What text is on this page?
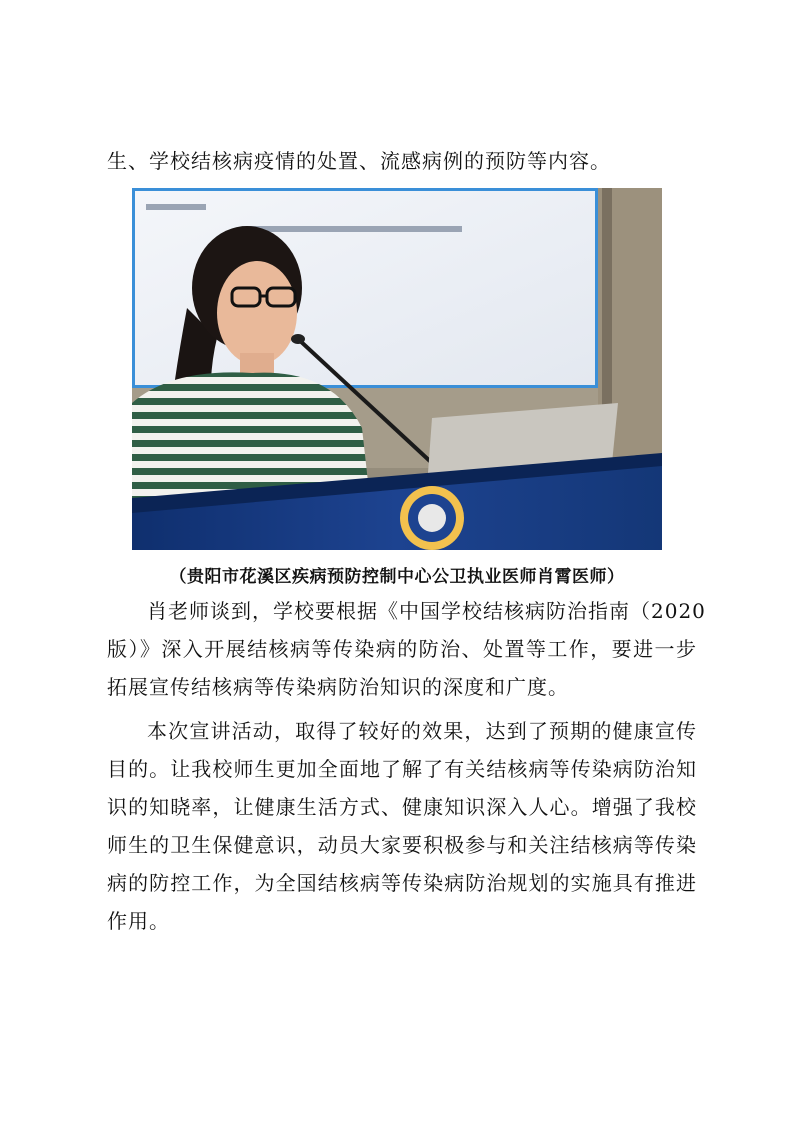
生、学校结核病疫情的处置、流感病例的预防等内容。
（贵阳市花溪区疾病预防控制中心公卫执业医师肖霄医师）
肖老师谈到，学校要根据《中国学校结核病防治指南（2020
版）》深入开展结核病等传染病的防治、处置等工作，要进一步
拓展宣传结核病等传染病防治知识的深度和广度。
本次宣讲活动，取得了较好的效果，达到了预期的健康宣传
目的。让我校师生更加全面地了解了有关结核病等传染病防治知
识的知晓率，让健康生活方式、健康知识深入人心。增强了我校
师生的卫生保健意识，动员大家要积极参与和关注结核病等传染
病的防控工作，为全国结核病等传染病防治规划的实施具有推进
作用。
